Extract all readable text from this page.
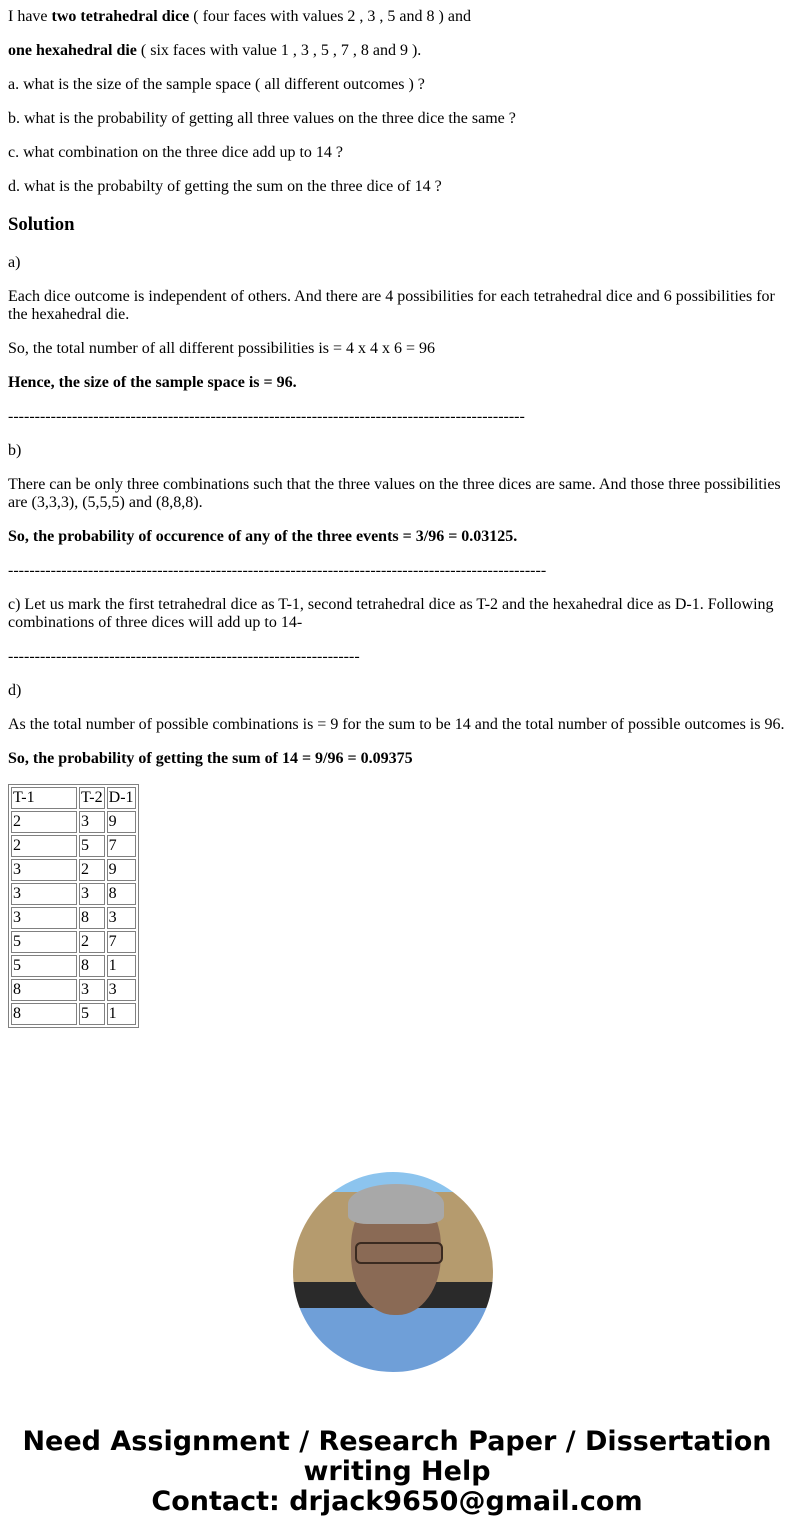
I have two tetrahedral dice ( four faces with values 2 , 3 , 5 and 8 ) and

one hexahedral die ( six faces with value 1 , 3 , 5 , 7 , 8 and 9 ).

a. what is the size of the sample space ( all different outcomes ) ?

b. what is the probability of getting all three values on the three dice the same ?

c. what combination on the three dice add up to 14 ?

d. what is the probabilty of getting the sum on the three dice of 14 ?

Solution

a)

Each dice outcome is independent of others. And there are 4 possibilities for each tetrahedral dice and 6 possibilities for the hexahedral die.

So, the total number of all different possibilities is = 4 x 4 x 6 = 96

Hence, the size of the sample space is = 96.

-------------------------------------------------------------------------------------------------

b)

There can be only three combinations such that the three values on the three dices are same. And those three possibilities are (3,3,3), (5,5,5) and (8,8,8).

So, the probability of occurence of any of the three events = 3/96 = 0.03125.

-----------------------------------------------------------------------------------------------------

c) Let us mark the first tetrahedral dice as T-1, second tetrahedral dice as T-2 and the hexahedral dice as D-1. Following combinations of three dices will add up to 14-

------------------------------------------------------------------

d)

As the total number of possible combinations is = 9 for the sum to be 14 and the total number of possible outcomes is 96.

So, the probability of getting the sum of 14 = 9/96 = 0.09375

T-1	T-2	D-1
2	3	9
2	5	7
3	2	9
3	3	8
3	8	3
5	2	7
5	8	1
8	3	3
8	5	1
Need Assignment / Research Paper / Dissertation
writing Help
Contact: drjack9650@gmail.com
